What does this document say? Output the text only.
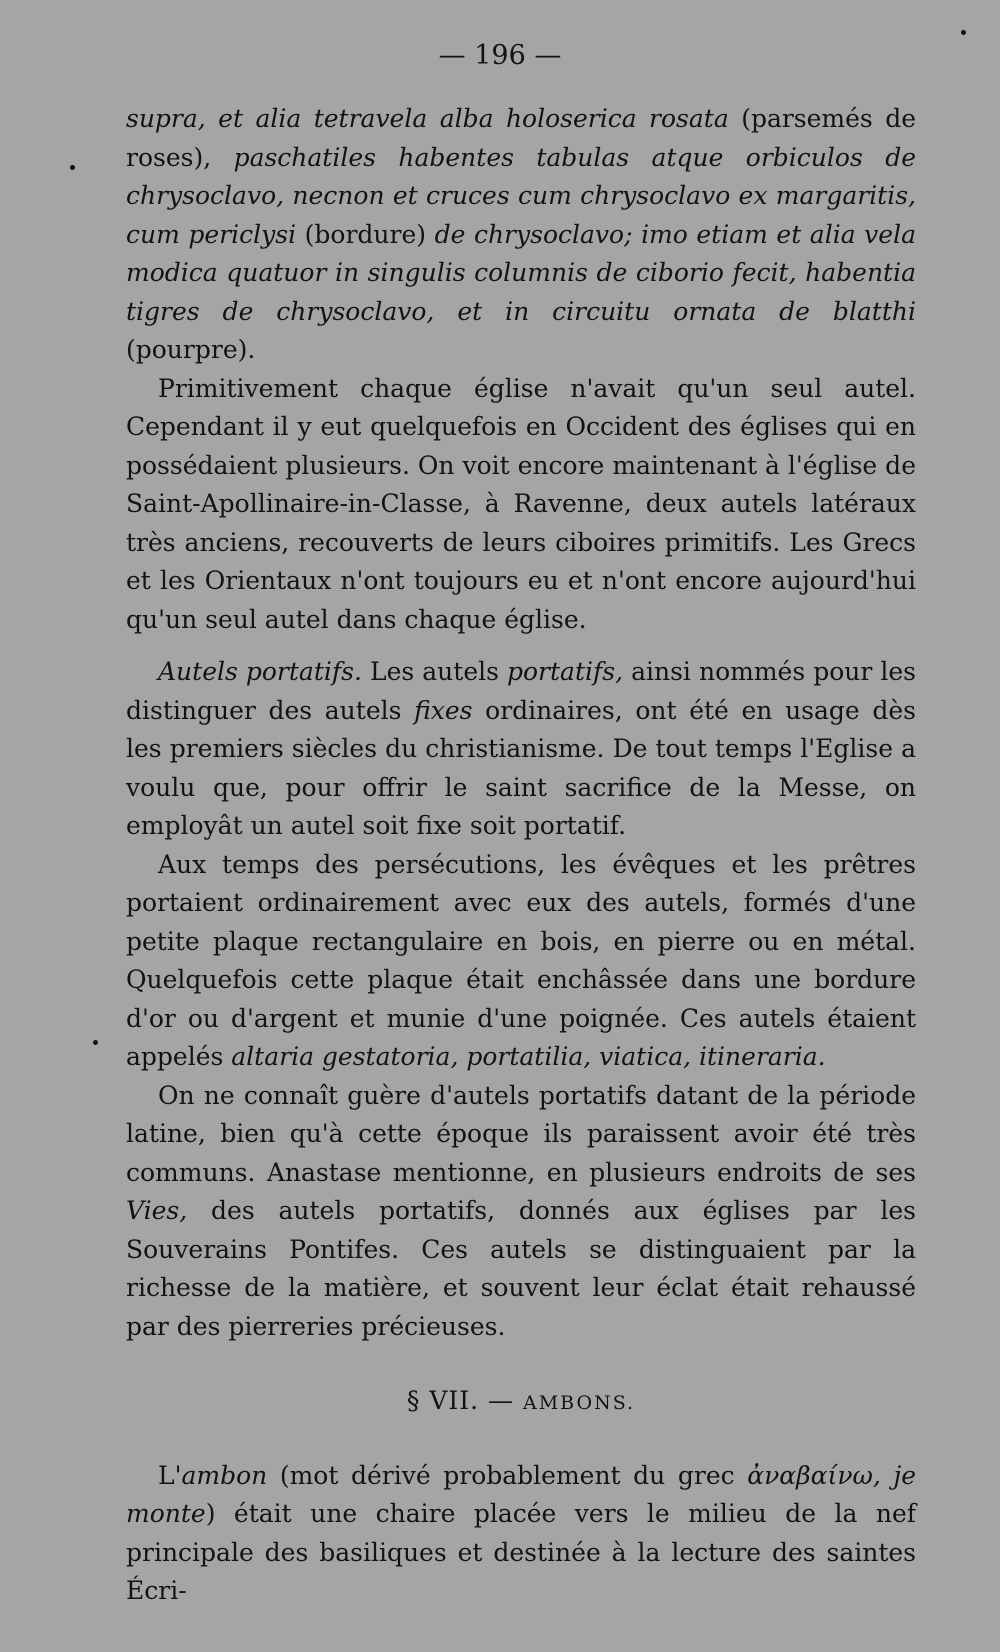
— 196 —

supra, et alia tetravela alba holoserica rosata (parsemés de roses), paschatiles habentes tabulas atque orbiculos de chrysoclavo, necnon et cruces cum chrysoclavo ex margaritis, cum periclysi (bordure) de chrysoclavo; imo etiam et alia vela modica quatuor in singulis columnis de ciborio fecit, habentia tigres de chrysoclavo, et in circuitu ornata de blatthi (pourpre).

Primitivement chaque église n'avait qu'un seul autel. Cependant il y eut quelquefois en Occident des églises qui en possédaient plusieurs. On voit encore maintenant à l'église de Saint-Apollinaire-in-Classe, à Ravenne, deux autels latéraux très anciens, recouverts de leurs ciboires primitifs. Les Grecs et les Orientaux n'ont toujours eu et n'ont encore aujourd'hui qu'un seul autel dans chaque église.

Autels portatifs. Les autels portatifs, ainsi nommés pour les distinguer des autels fixes ordinaires, ont été en usage dès les premiers siècles du christianisme. De tout temps l'Eglise a voulu que, pour offrir le saint sacrifice de la Messe, on employât un autel soit fixe soit portatif.

Aux temps des persécutions, les évêques et les prêtres portaient ordinairement avec eux des autels, formés d'une petite plaque rectangulaire en bois, en pierre ou en métal. Quelquefois cette plaque était enchâssée dans une bordure d'or ou d'argent et munie d'une poignée. Ces autels étaient appelés altaria gestatoria, portatilia, viatica, itineraria.

On ne connaît guère d'autels portatifs datant de la période latine, bien qu'à cette époque ils paraissent avoir été très communs. Anastase mentionne, en plusieurs endroits de ses Vies, des autels portatifs, donnés aux églises par les Souverains Pontifes. Ces autels se distinguaient par la richesse de la matière, et souvent leur éclat était rehaussé par des pierreries précieuses.

§ VII. — AMBONS.

L'ambon (mot dérivé probablement du grec ἀναβαίνω, je monte) était une chaire placée vers le milieu de la nef principale des basiliques et destinée à la lecture des saintes Écri-
